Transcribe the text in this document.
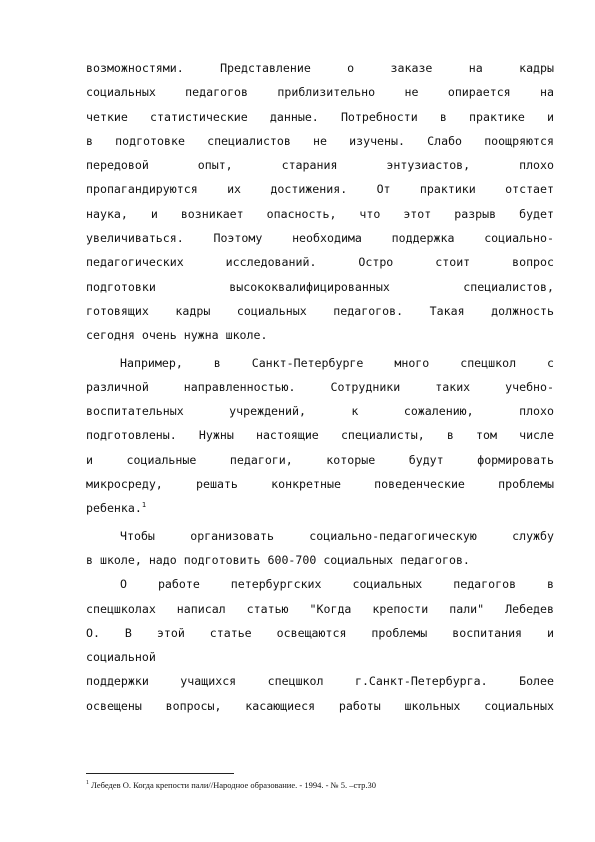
возможностями. Представление о заказе на кадры
социальных педагогов приблизительно не опирается на
четкие статистические данные. Потребности в практике и
в подготовке специалистов не изучены. Слабо поощряются
передовой опыт, старания энтузиастов, плохо
пропагандируются их достижения. От практики отстает
наука, и возникает опасность, что этот разрыв будет
увеличиваться. Поэтому необходима поддержка социально-
педагогических исследований. Остро стоит вопрос
подготовки высококвалифицированных специалистов,
готовящих кадры социальных педагогов. Такая должность
сегодня очень нужна школе.
Например, в Санкт-Петербурге много спецшкол с
различной направленностью. Сотрудники таких учебно-
воспитательных учреждений, к сожалению, плохо
подготовлены. Нужны настоящие специалисты, в том числе
и социальные педагоги, которые будут формировать
микросреду, решать конкретные поведенческие проблемы
ребенка.$^1$
Чтобы организовать социально-педагогическую службу
в школе, надо подготовить 600-700 социальных педагогов.
О работе петербургских социальных педагогов в
спецшколах написал статью "Когда крепости пали" Лебедев
О. В этой статье освещаются проблемы воспитания и
социальной
поддержки учащихся спецшкол г.Санкт-Петербурга. Более
освещены вопросы, касающиеся работы школьных социальных
$^1$ Лебедев О. Когда крепости пали//Народное образование. - 1994. - № 5. –стр.30
